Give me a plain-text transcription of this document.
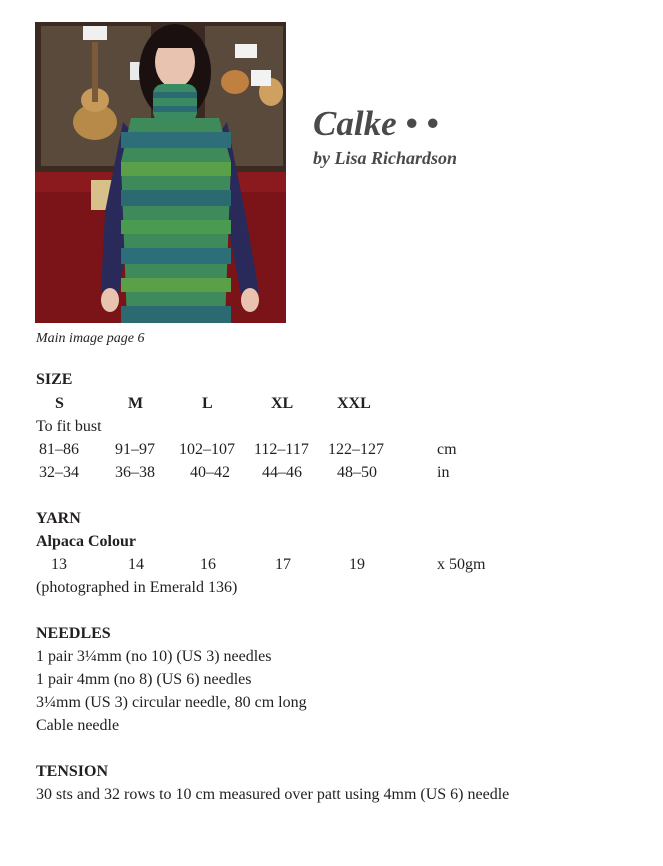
Main image page 6
Calke • •
by Lisa Richardson
SIZE
S	M	L	XL	XXL
To fit bust
81–86 91–97 102–107 112–117 122–127	cm
32–34 36–38 40–42 44–46 48–50	in
YARN
Alpaca Colour
13	14	16	17	19	x 50gm
(photographed in Emerald 136)
NEEDLES
1 pair 3¼mm (no 10) (US 3) needles
1 pair 4mm (no 8) (US 6) needles
3¼mm (US 3) circular needle, 80 cm long
Cable needle
TENSION
30 sts and 32 rows to 10 cm measured over patt using 4mm (US 6) needle
